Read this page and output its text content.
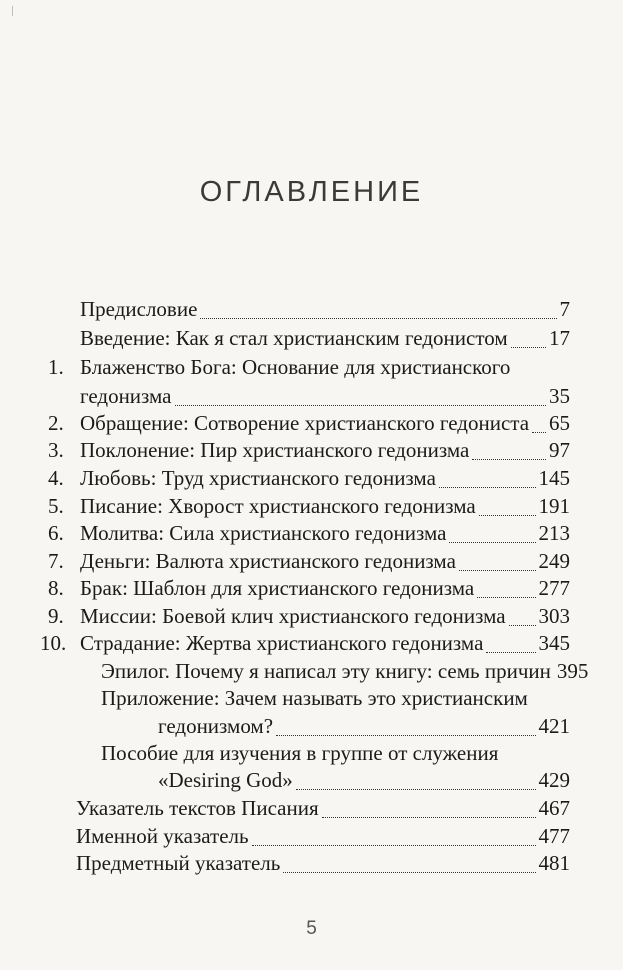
ОГЛАВЛЕНИЕ
Предисловие	7
Введение: Как я стал христианским гедонистом 17
1. Блаженство Бога: Основание для христианского
гедонизма	35
2. Обращение: Сотворение христианского гедониста 65
3. Поклонение: Пир христианского гедонизма	97
4. Любовь: Труд христианского гедонизма	145
5. Писание: Хворост христианского гедонизма	191
6. Молитва: Сила христианского гедонизма	213
7. Деньги: Валюта христианского гедонизма	249
8. Брак: Шаблон для христианского гедонизма	277
9. Миссии: Боевой клич христианского гедонизма 303
10. Страдание: Жертва христианского гедонизма	345
Эпилог. Почему я написал эту книгу: семь причин 395
Приложение: Зачем называть это христианским
гедонизмом?	421
Пособие для изучения в группе от служения
«Desiring God»	429
Указатель текстов Писания	467
Именной указатель	477
Предметный указатель	481
5
